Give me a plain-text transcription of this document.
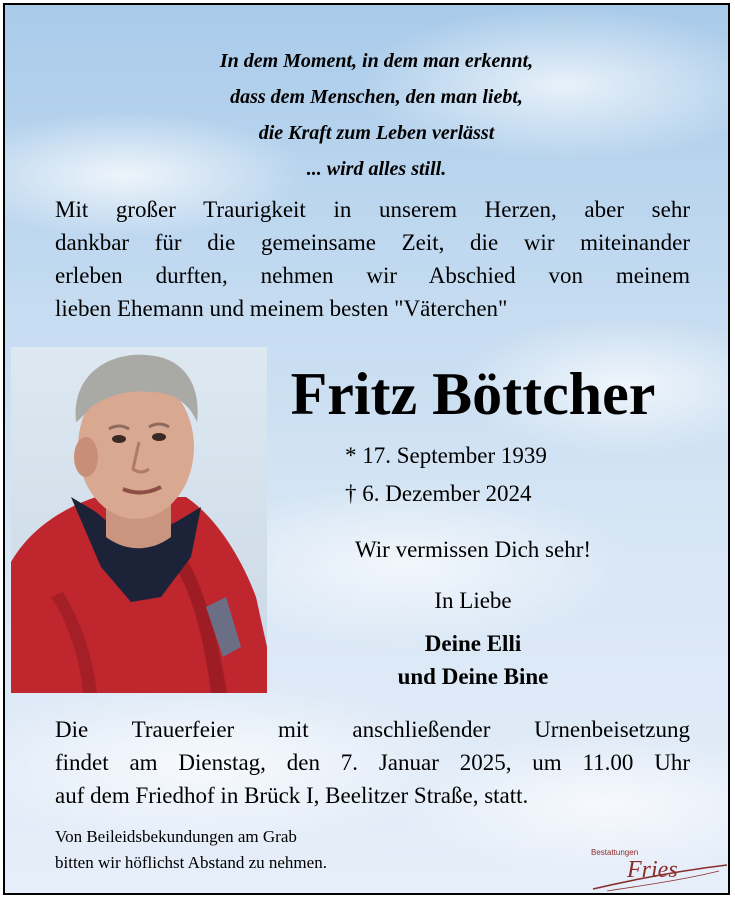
In dem Moment, in dem man erkennt,
dass dem Menschen, den man liebt,
die Kraft zum Leben verlässt
... wird alles still.
Mit großer Traurigkeit in unserem Herzen, aber sehr
dankbar für die gemeinsame Zeit, die wir miteinander
erleben durften, nehmen wir Abschied von meinem
lieben Ehemann und meinem besten "Väterchen"
Fritz Böttcher
* 17. September 1939
† 6. Dezember 2024
Wir vermissen Dich sehr!
In Liebe
Deine Elli
und Deine Bine
Die Trauerfeier mit anschließender Urnenbeisetzung
findet am Dienstag, den 7. Januar 2025, um 11.00 Uhr
auf dem Friedhof in Brück I, Beelitzer Straße, statt.
Von Beileidsbekundungen am Grab
bitten wir höflichst Abstand zu nehmen.
Bestattungen
Fries
